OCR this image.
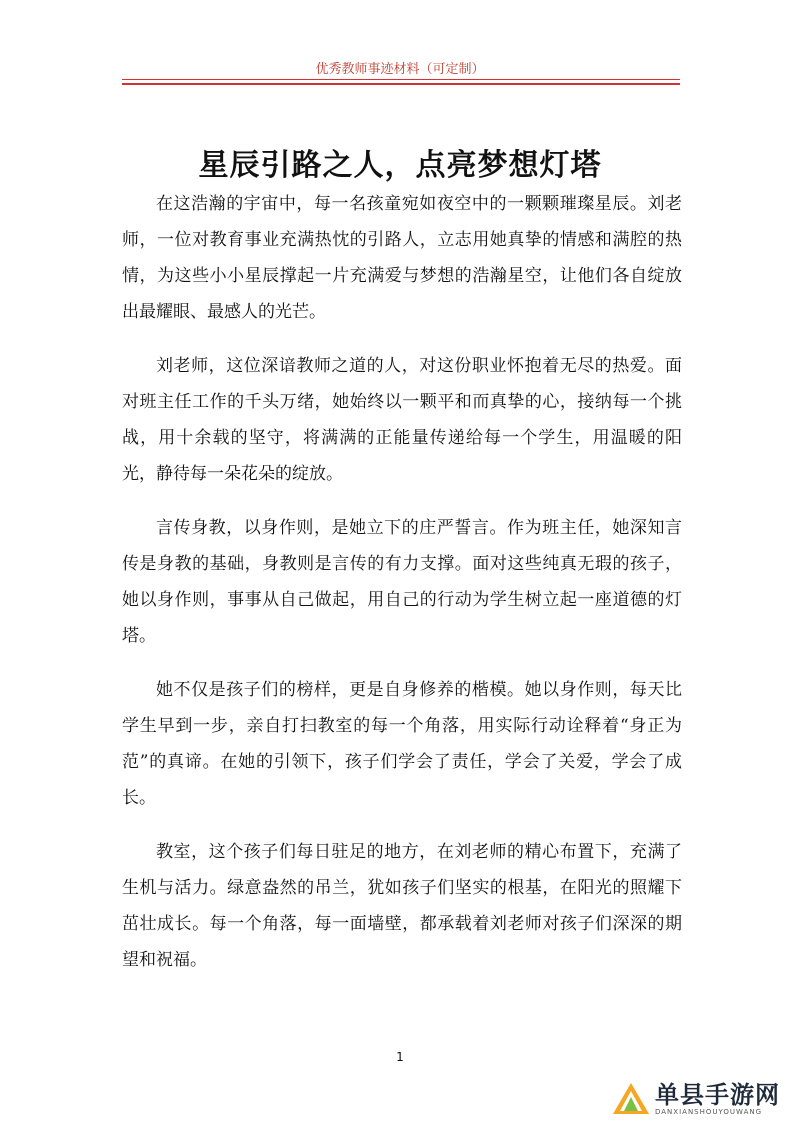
优秀教师事迹材料（可定制）
星辰引路之人，点亮梦想灯塔

在这浩瀚的宇宙中，每一名孩童宛如夜空中的一颗颗璀璨星辰。刘老师，一位对教育事业充满热忱的引路人，立志用她真挚的情感和满腔的热情，为这些小小星辰撑起一片充满爱与梦想的浩瀚星空，让他们各自绽放出最耀眼、最感人的光芒。

刘老师，这位深谙教师之道的人，对这份职业怀抱着无尽的热爱。面对班主任工作的千头万绪，她始终以一颗平和而真挚的心，接纳每一个挑战，用十余载的坚守，将满满的正能量传递给每一个学生，用温暖的阳光，静待每一朵花朵的绽放。

言传身教，以身作则，是她立下的庄严誓言。作为班主任，她深知言传是身教的基础，身教则是言传的有力支撑。面对这些纯真无瑕的孩子，她以身作则，事事从自己做起，用自己的行动为学生树立起一座道德的灯塔。

她不仅是孩子们的榜样，更是自身修养的楷模。她以身作则，每天比学生早到一步，亲自打扫教室的每一个角落，用实际行动诠释着“身正为范”的真谛。在她的引领下，孩子们学会了责任，学会了关爱，学会了成长。

教室，这个孩子们每日驻足的地方，在刘老师的精心布置下，充满了生机与活力。绿意盎然的吊兰，犹如孩子们坚实的根基，在阳光的照耀下茁壮成长。每一个角落，每一面墙壁，都承载着刘老师对孩子们深深的期望和祝福。

1
单县手游网
DANXIANSHOUYOUWANG
